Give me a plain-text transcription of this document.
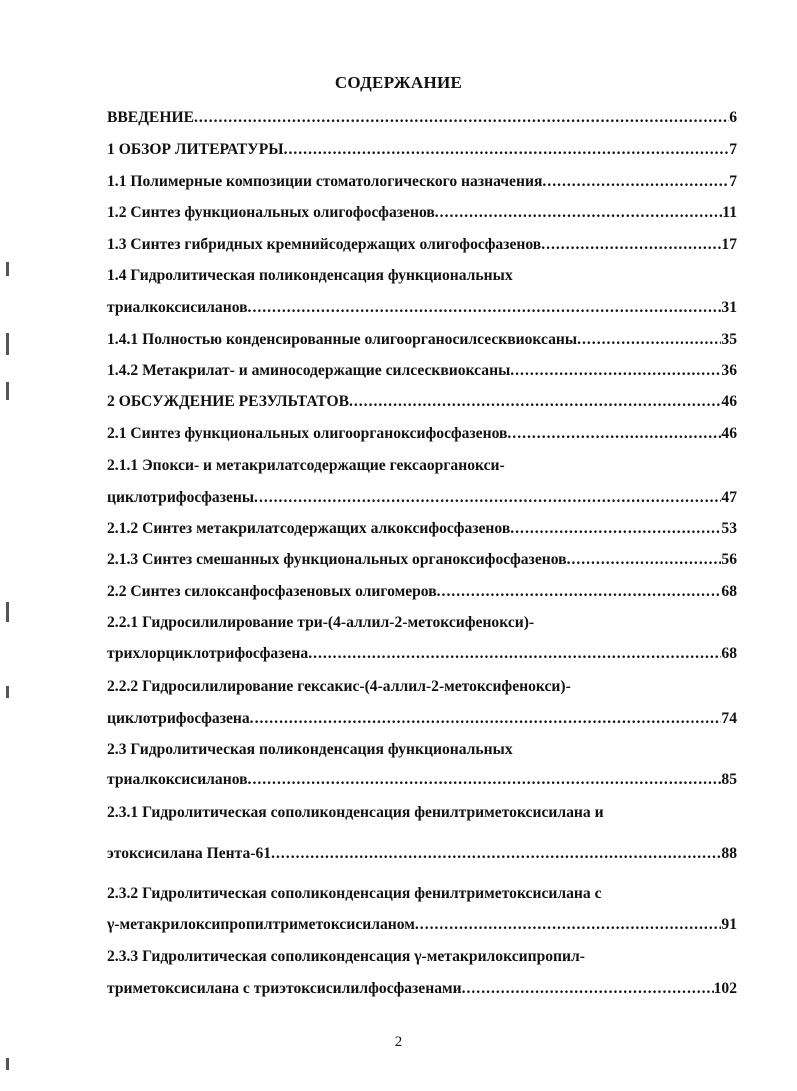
СОДЕРЖАНИЕ
ВВЕДЕНИЕ .....	6
1 ОБЗОР ЛИТЕРАТУРЫ .....	7
1.1 Полимерные композиции стоматологического назначения .....	7
1.2 Синтез функциональных олигофосфазенов .....	11
1.3 Синтез гибридных кремнийсодержащих олигофосфазенов .....	17
1.4 Гидролитическая поликонденсация функциональных
триалкоксисиланов .....	31
1.4.1 Полностью конденсированные олигоорганосилсесквиоксаны .....	35
1.4.2 Метакрилат- и аминосодержащие силсесквиоксаны .....	36
2 ОБСУЖДЕНИЕ РЕЗУЛЬТАТОВ .....	46
2.1 Синтез функциональных олигоорганоксифосфазенов .....	46
2.1.1 Эпокси- и метакрилатсодержащие гексаорганокси-
циклотрифосфазены .....	47
2.1.2 Синтез метакрилатсодержащих алкоксифосфазенов .....	53
2.1.3 Синтез смешанных функциональных органоксифосфазенов .....	56
2.2 Синтез силоксанфосфазеновых олигомеров .....	68
2.2.1 Гидросилилирование три-(4-аллил-2-метоксифенокси)-
трихлорциклотрифосфазена .....	68
2.2.2 Гидросилилирование гексакис-(4-аллил-2-метоксифенокси)-
циклотрифосфазена .....	74
2.3 Гидролитическая поликонденсация функциональных
триалкоксисиланов .....	85
2.3.1 Гидролитическая сополиконденсация фенилтриметоксисилана и
этоксисилана Пента-61 .....	88
2.3.2 Гидролитическая сополиконденсация фенилтриметоксисилана с
γ-метакрилоксипропилтриметоксисиланом .....	91
2.3.3 Гидролитическая сополиконденсация γ-метакрилоксипропил-
триметоксисилана с триэтоксисилилфосфазенами .....	102
2
